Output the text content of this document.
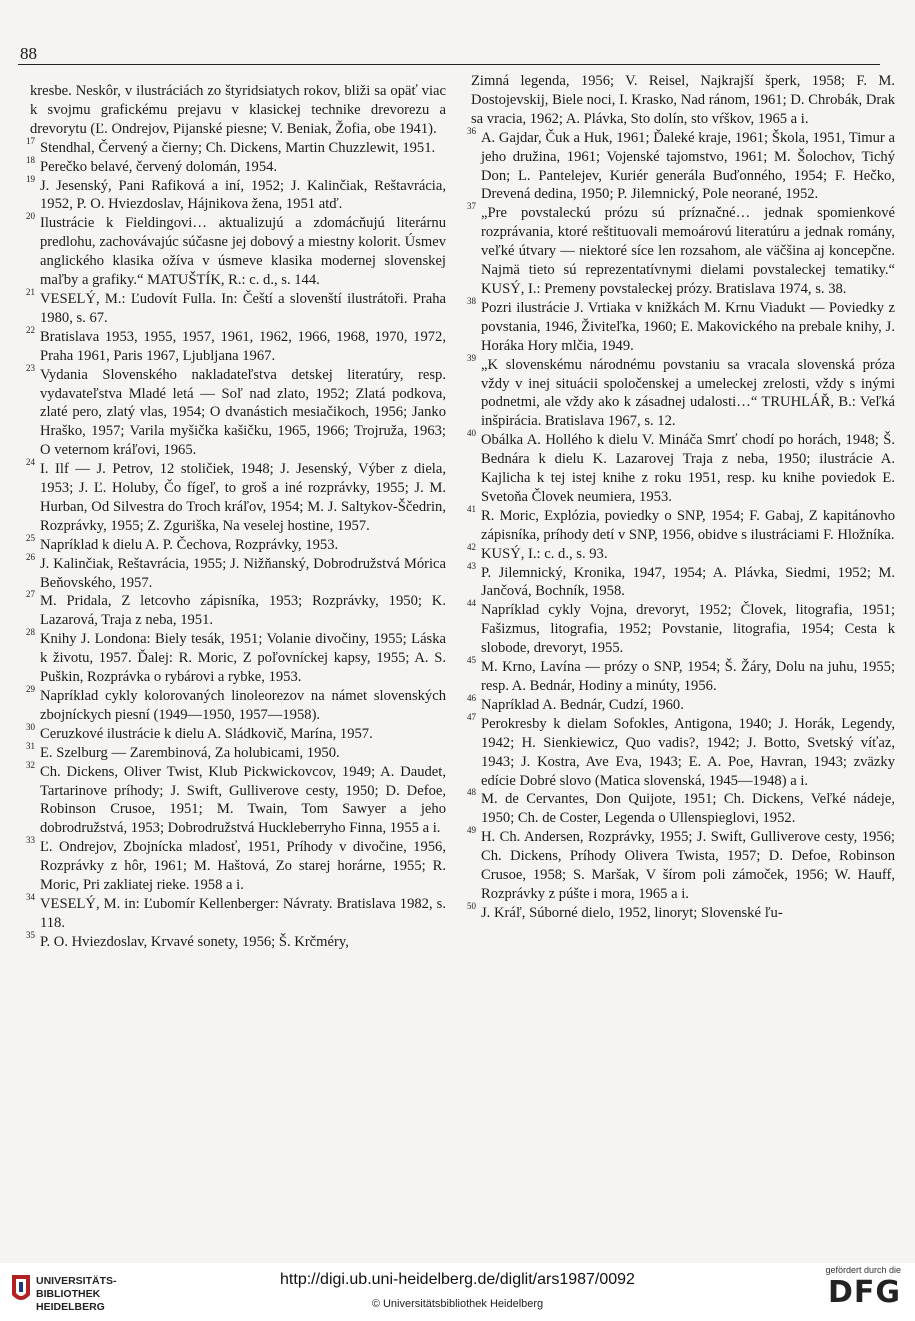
88

kresbe. Neskôr, v ilustráciách zo štyridsiatych rokov, bliži sa opäť viac k svojmu grafickému prejavu v klasickej technike drevorezu a drevorytu (Ľ. Ondrejov, Pijanské piesne; V. Beniak, Žofia, obe 1941).

17 Stendhal, Červený a čierny; Ch. Dickens, Martin Chuzzlewit, 1951.

18 Perečko belavé, červený dolomán, 1954.

19 J. Jesenský, Pani Rafiková a iní, 1952; J. Kalinčiak, Reštavrácia, 1952, P. O. Hviezdoslav, Hájnikova žena, 1951 atď.

20 Ilustrácie k Fieldingovi… aktualizujú a zdomácňujú literárnu predlohu, zachovávajúc súčasne jej dobový a miestny kolorit. Úsmev anglického klasika ožíva v úsmeve klasika modernej slovenskej maľby a grafiky.“ MATUŠTÍK, R.: c. d., s. 144.

21 VESELÝ, M.: Ľudovít Fulla. In: Čeští a slovenští ilustrátoři. Praha 1980, s. 67.

22 Bratislava 1953, 1955, 1957, 1961, 1962, 1966, 1968, 1970, 1972, Praha 1961, Paris 1967, Ljubljana 1967.

23 Vydania Slovenského nakladateľstva detskej literatúry, resp. vydavateľstva Mladé letá — Soľ nad zlato, 1952; Zlatá podkova, zlaté pero, zlatý vlas, 1954; O dvanástich mesiačikoch, 1956; Janko Hraško, 1957; Varila myšička kašičku, 1965, 1966; Trojruža, 1963; O veternom kráľovi, 1965.

24 I. Ilf — J. Petrov, 12 stoličiek, 1948; J. Jesenský, Výber z diela, 1953; J. Ľ. Holuby, Čo fígeľ, to groš a iné rozprávky, 1955; J. M. Hurban, Od Silvestra do Troch kráľov, 1954; M. J. Saltykov-Ščedrin, Rozprávky, 1955; Z. Zguriška, Na veselej hostine, 1957.

25 Napríklad k dielu A. P. Čechova, Rozprávky, 1953.

26 J. Kalinčiak, Reštavrácia, 1955; J. Nižňanský, Dobrodružstvá Mórica Beňovského, 1957.

27 M. Pridala, Z letcovho zápisníka, 1953; Rozprávky, 1950; K. Lazarová, Traja z neba, 1951.

28 Knihy J. Londona: Biely tesák, 1951; Volanie divočiny, 1955; Láska k životu, 1957. Ďalej: R. Moric, Z poľovníckej kapsy, 1955; A. S. Puškin, Rozprávka o rybárovi a rybke, 1953.

29 Napríklad cykly kolorovaných linoleorezov na námet slovenských zbojníckych piesní (1949—1950, 1957—1958).

30 Ceruzkové ilustrácie k dielu A. Sládkovič, Marína, 1957.

31 E. Szelburg — Zarembinová, Za holubicami, 1950.

32 Ch. Dickens, Oliver Twist, Klub Pickwickovcov, 1949; A. Daudet, Tartarinove príhody; J. Swift, Gulliverove cesty, 1950; D. Defoe, Robinson Crusoe, 1951; M. Twain, Tom Sawyer a jeho dobrodružstvá, 1953; Dobrodružstvá Huckleberryho Finna, 1955 a i.

33 Ľ. Ondrejov, Zbojnícka mladosť, 1951, Príhody v divočine, 1956, Rozprávky z hôr, 1961; M. Haštová, Zo starej horárne, 1955; R. Moric, Pri zakliatej rieke. 1958 a i.

34 VESELÝ, M. in: Ľubomír Kellenberger: Návraty. Bratislava 1982, s. 118.

35 P. O. Hviezdoslav, Krvavé sonety, 1956; Š. Krčméry,

Zimná legenda, 1956; V. Reisel, Najkrajší šperk, 1958; F. M. Dostojevskij, Biele noci, I. Krasko, Nad ránom, 1961; D. Chrobák, Drak sa vracia, 1962; A. Plávka, Sto dolín, sto vŕškov, 1965 a i.

36 A. Gajdar, Čuk a Huk, 1961; Ďaleké kraje, 1961; Škola, 1951, Timur a jeho družina, 1961; Vojenské tajomstvo, 1961; M. Šolochov, Tichý Don; L. Pantelejev, Kuriér generála Buďonného, 1954; F. Hečko, Drevená dedina, 1950; P. Jilemnický, Pole neorané, 1952.

37 „Pre povstaleckú prózu sú príznačné… jednak spomienkové rozprávania, ktoré reštituovali memoárovú literatúru a jednak romány, veľké útvary — niektoré síce len rozsahom, ale väčšina aj koncepčne. Najmä tieto sú reprezentatívnymi dielami povstaleckej tematiky.“ KUSÝ, I.: Premeny povstaleckej prózy. Bratislava 1974, s. 38.

38 Pozri ilustrácie J. Vrtiaka v knižkách M. Krnu Viadukt — Poviedky z povstania, 1946, Živiteľka, 1960; E. Makovického na prebale knihy, J. Horáka Hory mlčia, 1949.

39 „K slovenskému národnému povstaniu sa vracala slovenská próza vždy v inej situácii spoločenskej a umeleckej zrelosti, vždy s inými podnetmi, ale vždy ako k zásadnej udalosti…“ TRUHLÁŘ, B.: Veľká inšpirácia. Bratislava 1967, s. 12.

40 Obálka A. Hollého k dielu V. Mináča Smrť chodí po horách, 1948; Š. Bednára k dielu K. Lazarovej Traja z neba, 1950; ilustrácie A. Kajlicha k tej istej knihe z roku 1951, resp. ku knihe poviedok E. Svetoňa Človek neumiera, 1953.

41 R. Moric, Explózia, poviedky o SNP, 1954; F. Gabaj, Z kapitánovho zápisníka, príhody detí v SNP, 1956, obidve s ilustráciami F. Hložníka.

42 KUSÝ, I.: c. d., s. 93.

43 P. Jilemnický, Kronika, 1947, 1954; A. Plávka, Siedmi, 1952; M. Jančová, Bochník, 1958.

44 Napríklad cykly Vojna, drevoryt, 1952; Človek, litografia, 1951; Fašizmus, litografia, 1952; Povstanie, litografia, 1954; Cesta k slobode, drevoryt, 1955.

45 M. Krno, Lavína — prózy o SNP, 1954; Š. Žáry, Dolu na juhu, 1955; resp. A. Bednár, Hodiny a minúty, 1956.

46 Napríklad A. Bednár, Cudzí, 1960.

47 Perokresby k dielam Sofokles, Antigona, 1940; J. Horák, Legendy, 1942; H. Sienkiewicz, Quo vadis?, 1942; J. Botto, Svetský víťaz, 1943; J. Kostra, Ave Eva, 1943; E. A. Poe, Havran, 1943; zväzky edície Dobré slovo (Matica slovenská, 1945—1948) a i.

48 M. de Cervantes, Don Quijote, 1951; Ch. Dickens, Veľké nádeje, 1950; Ch. de Coster, Legenda o Ullenspieglovi, 1952.

49 H. Ch. Andersen, Rozprávky, 1955; J. Swift, Gulliverove cesty, 1956; Ch. Dickens, Príhody Olivera Twista, 1957; D. Defoe, Robinson Crusoe, 1958; S. Maršak, V šírom poli zámoček, 1956; W. Hauff, Rozprávky z púšte i mora, 1965 a i.

50 J. Kráľ, Súborné dielo, 1952, linoryt; Slovenské ľu-

UNIVERSITÄTS-
BIBLIOTHEK
HEIDELBERG
http://digi.ub.uni-heidelberg.de/diglit/ars1987/0092
© Universitätsbibliothek Heidelberg
gefördert durch die
DFG
